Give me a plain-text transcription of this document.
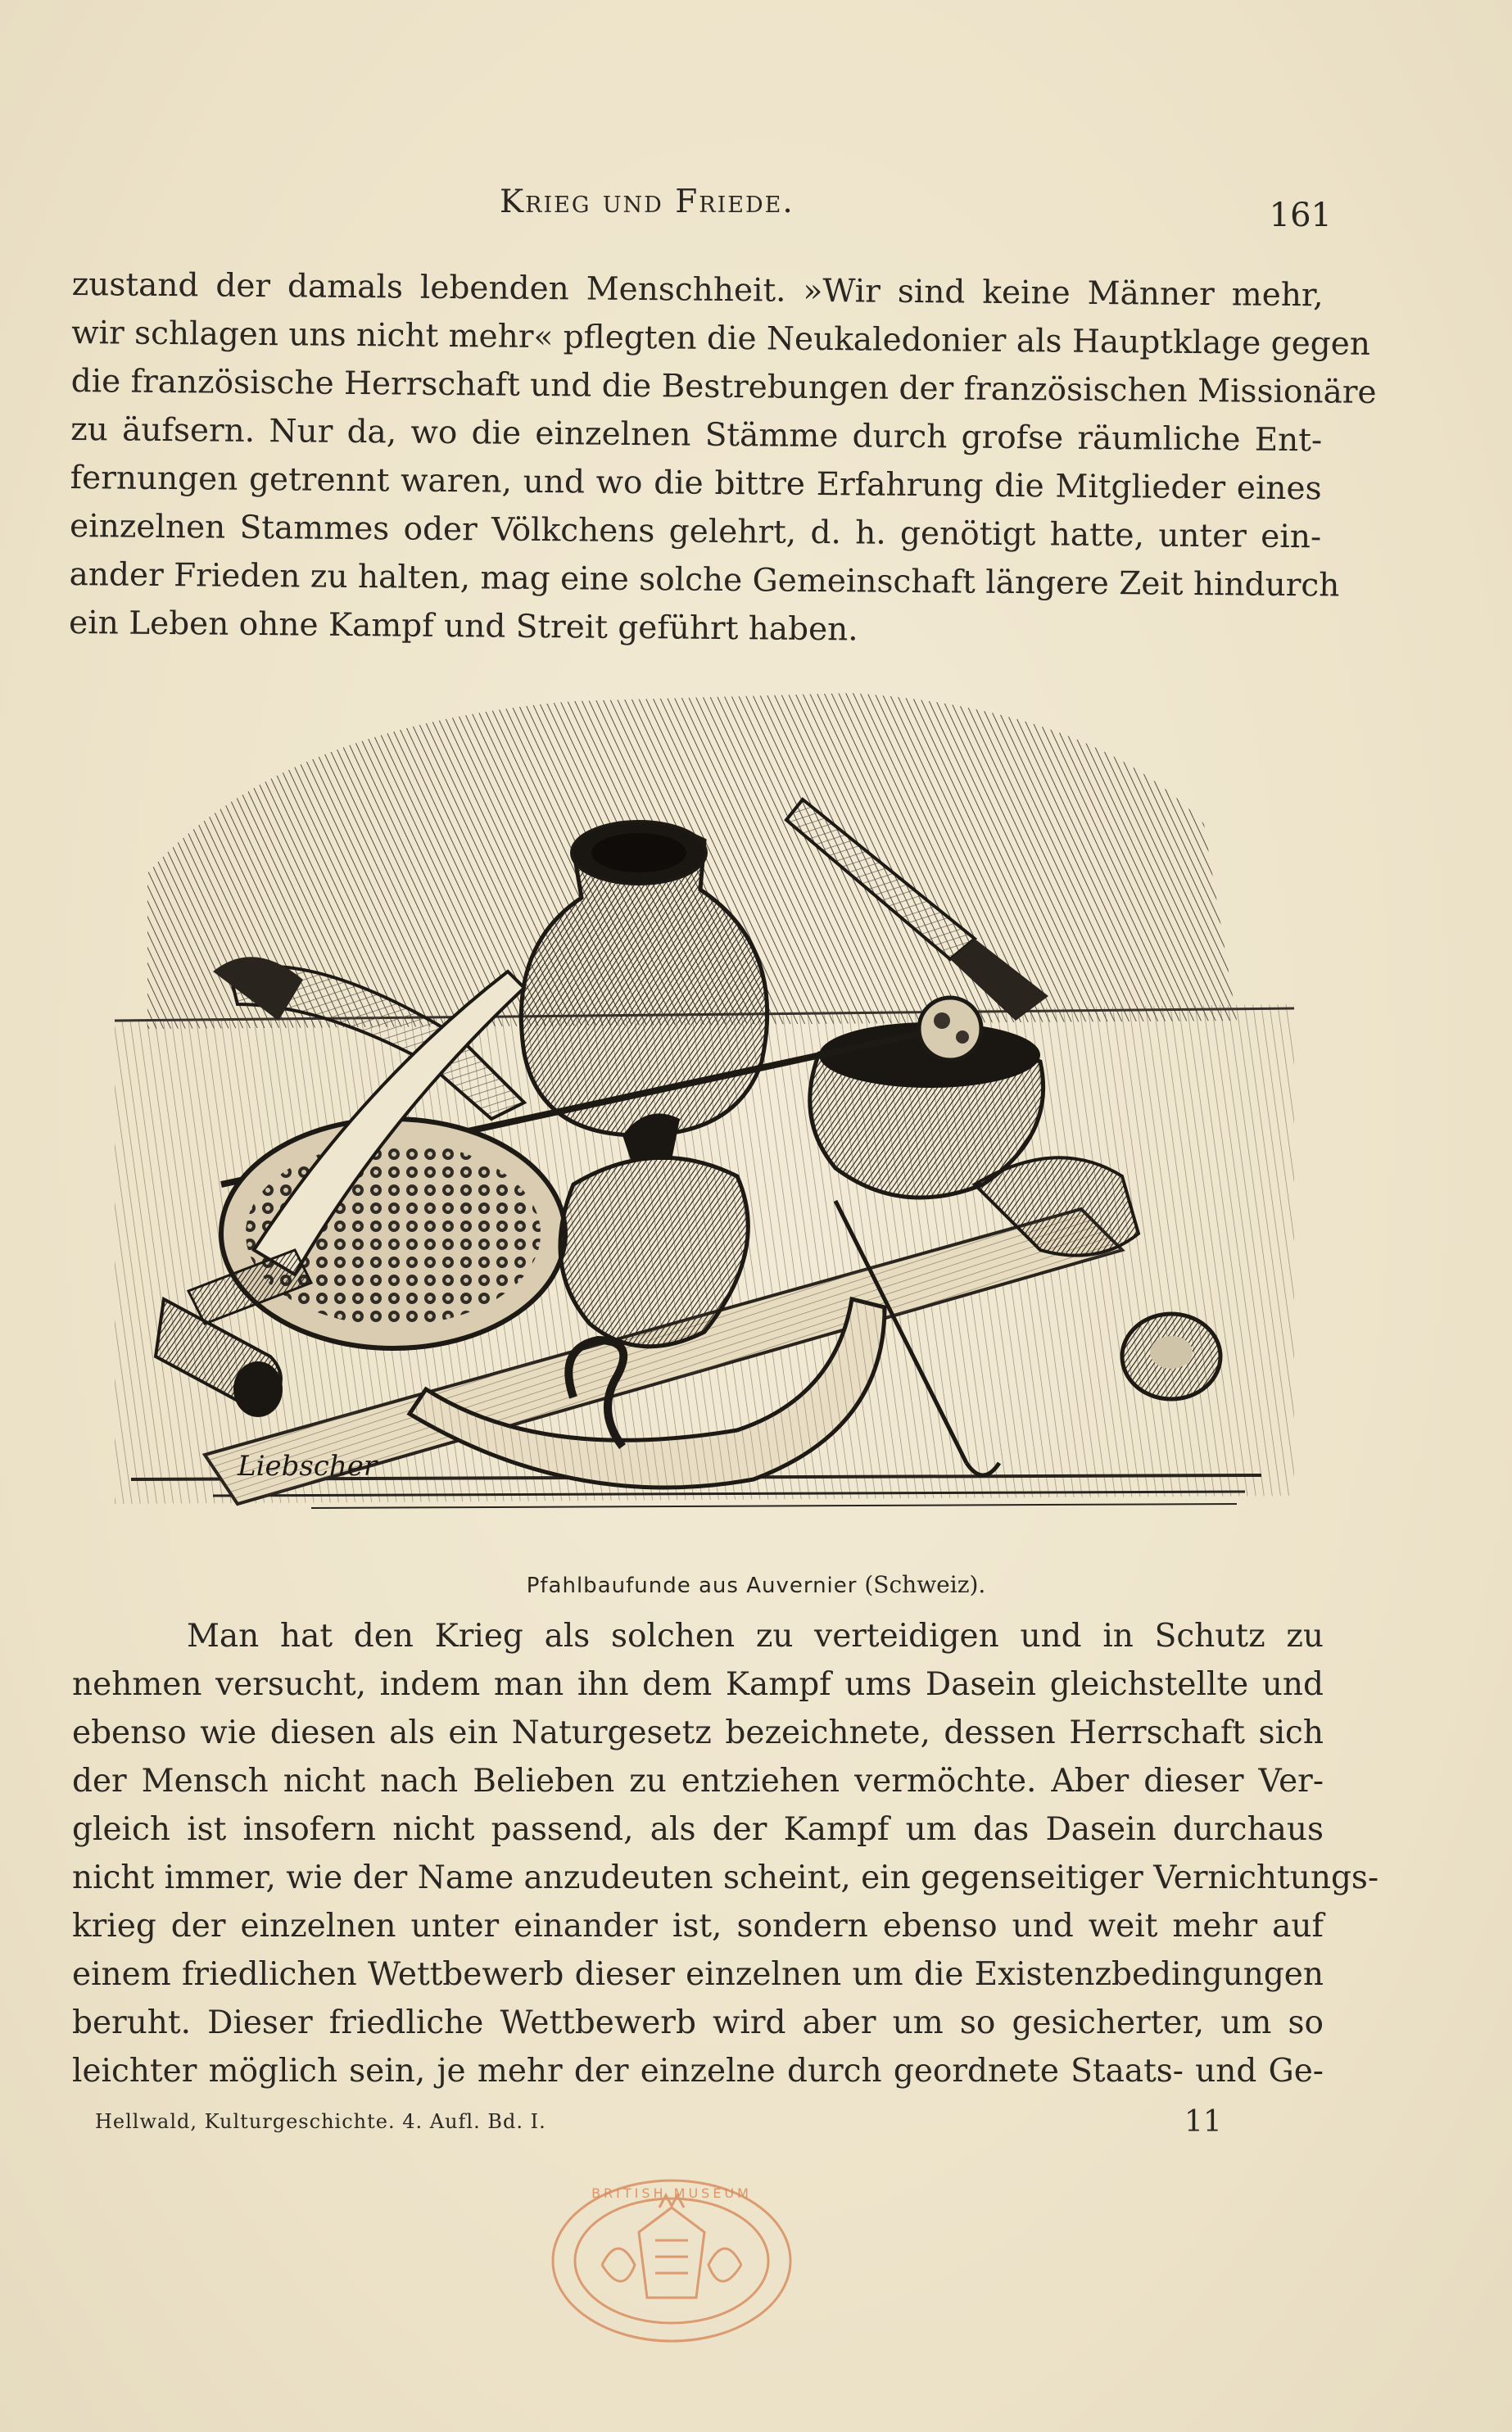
Krieg und Friede.	161
zustand der damals lebenden Menschheit. »Wir sind keine Männer mehr,
wir schlagen uns nicht mehr« pflegten die Neukaledonier als Hauptklage gegen
die französische Herrschaft und die Bestrebungen der französischen Missionäre
zu äufsern. Nur da, wo die einzelnen Stämme durch grofse räumliche Ent-
fernungen getrennt waren, und wo die bittre Erfahrung die Mitglieder eines
einzelnen Stammes oder Völkchens gelehrt, d. h. genötigt hatte, unter ein-
ander Frieden zu halten, mag eine solche Gemeinschaft längere Zeit hindurch
ein Leben ohne Kampf und Streit geführt haben.
Liebscher
Pfahlbaufunde aus Auvernier (Schweiz).
Man hat den Krieg als solchen zu verteidigen und in Schutz zu
nehmen versucht, indem man ihn dem Kampf ums Dasein gleichstellte und
ebenso wie diesen als ein Naturgesetz bezeichnete, dessen Herrschaft sich
der Mensch nicht nach Belieben zu entziehen vermöchte. Aber dieser Ver-
gleich ist insofern nicht passend, als der Kampf um das Dasein durchaus
nicht immer, wie der Name anzudeuten scheint, ein gegenseitiger Vernichtungs-
krieg der einzelnen unter einander ist, sondern ebenso und weit mehr auf
einem friedlichen Wettbewerb dieser einzelnen um die Existenzbedingungen
beruht. Dieser friedliche Wettbewerb wird aber um so gesicherter, um so
leichter möglich sein, je mehr der einzelne durch geordnete Staats- und Ge-
Hellwald, Kulturgeschichte. 4. Aufl. Bd. I.	11
BRITISH MUSEUM
